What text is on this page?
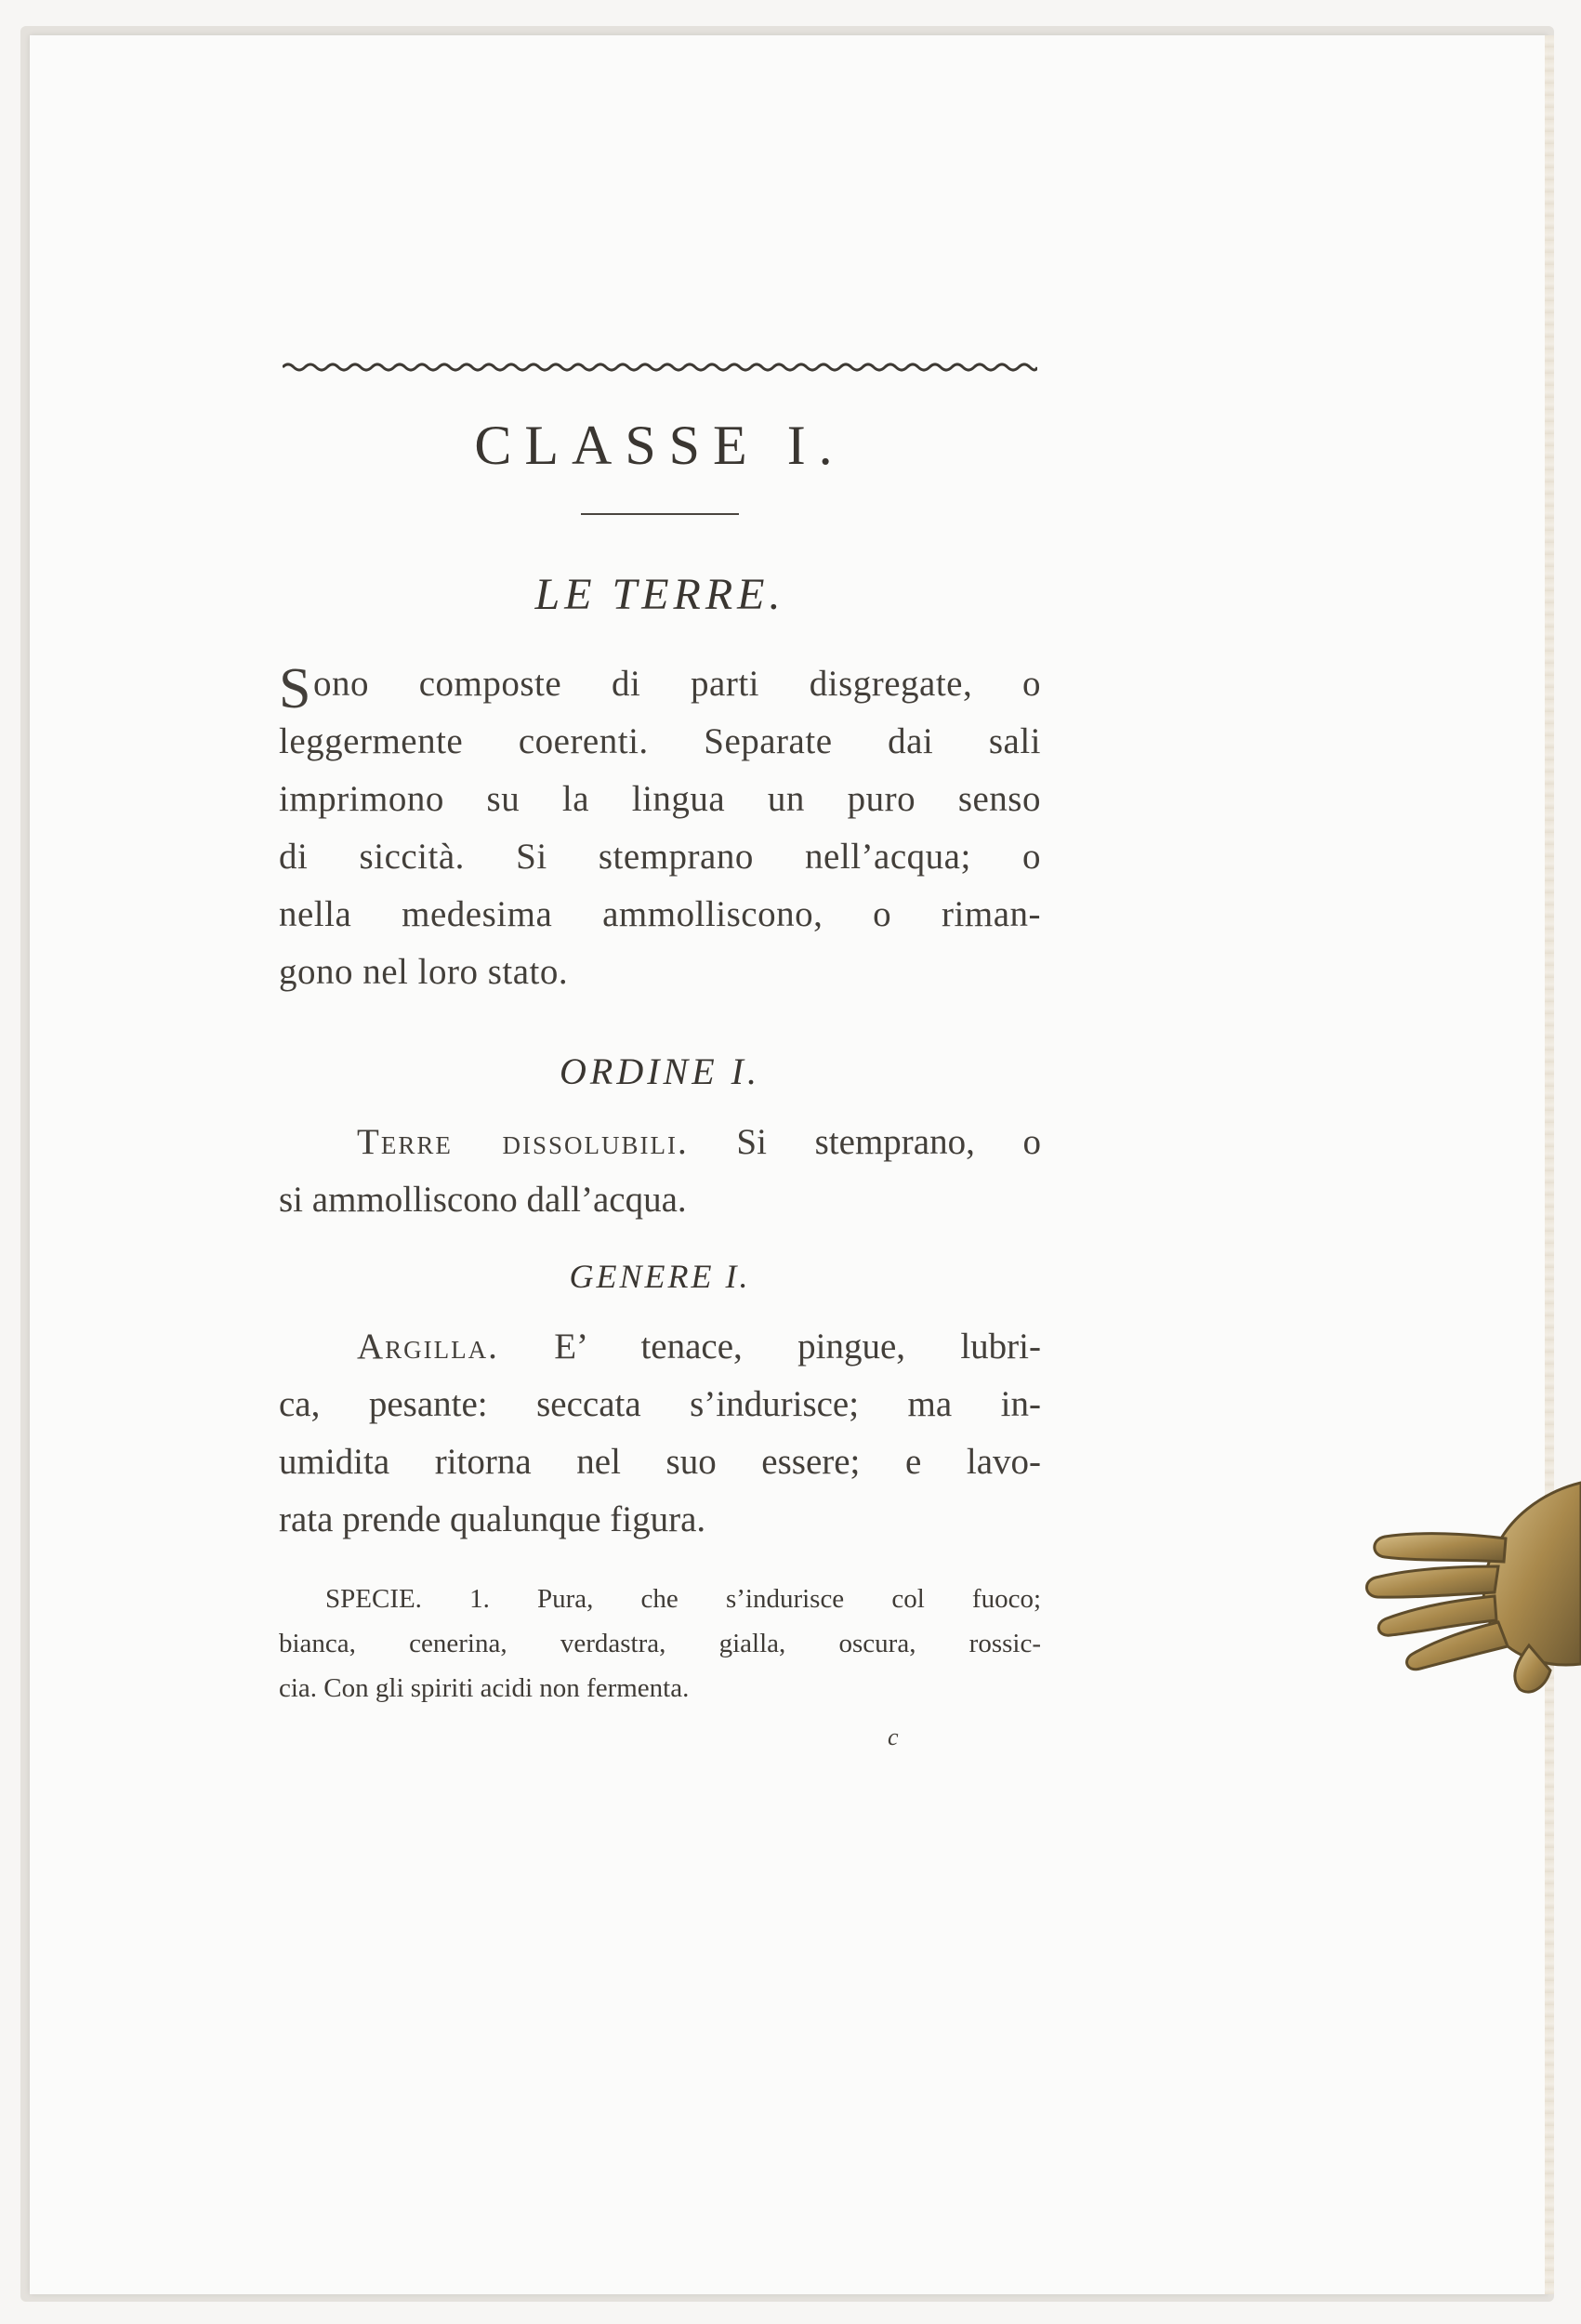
CLASSE I.
LE TERRE.
S ono composte di parti disgregate, o
leggermente coerenti. Separate dai sali
imprimono su la lingua un puro senso
di siccità. Si stemprano nell’acqua; o
nella medesima ammolliscono, o riman-
gono nel loro stato.
ORDINE I.
Terre dissolubili. Si stemprano, o
si ammolliscono dall’acqua.
GENERE I.
Argilla. E’ tenace, pingue, lubri-
ca, pesante: seccata s’indurisce; ma in-
umidita ritorna nel suo essere; e lavo-
rata prende qualunque figura.
SPECIE. 1. Pura, che s’indurisce col fuoco;
bianca, cenerina, verdastra, gialla, oscura, rossic-
cia. Con gli spiriti acidi non fermenta.
c
